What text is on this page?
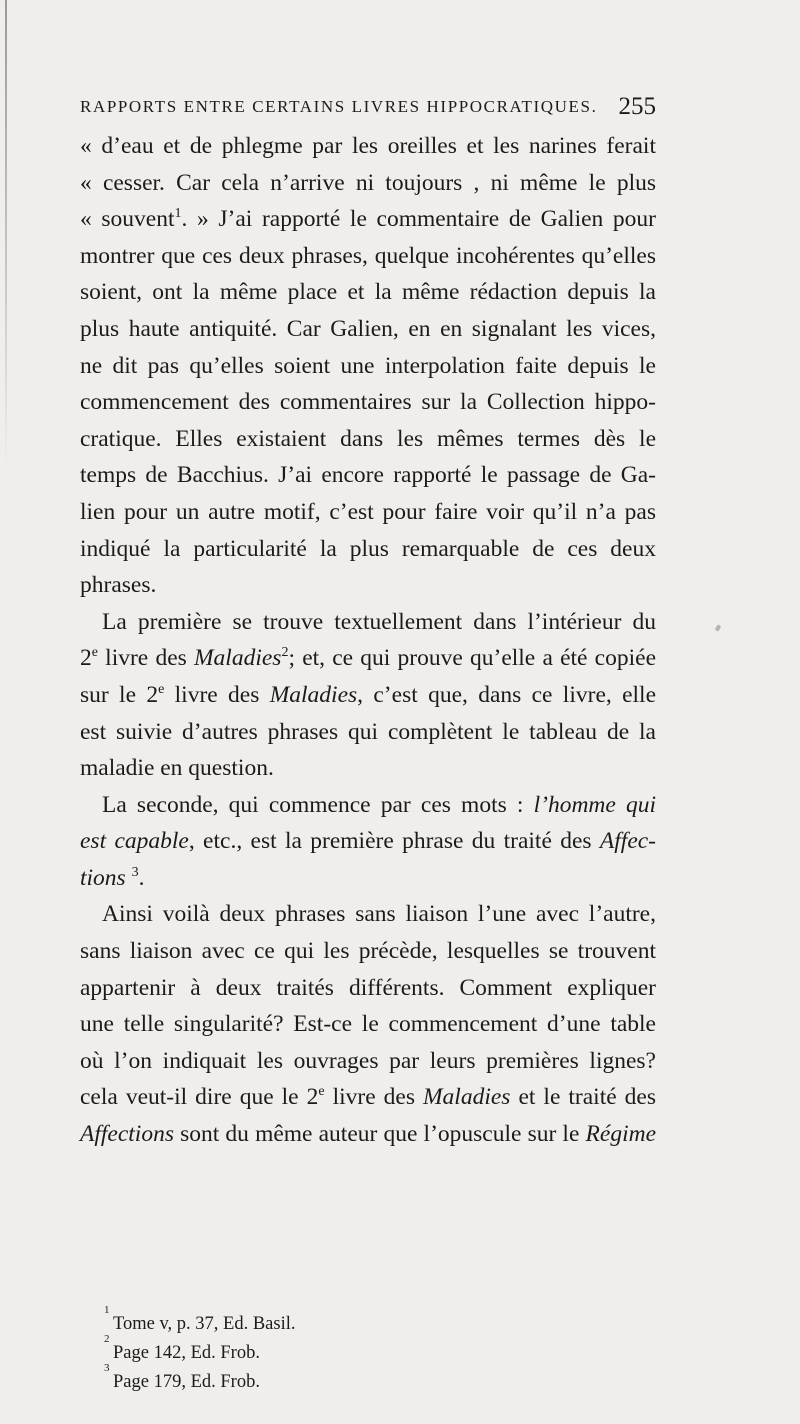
RAPPORTS ENTRE CERTAINS LIVRES HIPPOCRATIQUES. 255
« d’eau et de phlegme par les oreilles et les narines ferait
« cesser. Car cela n’arrive ni toujours , ni même le plus
« souvent$^1$. » J’ai rapporté le commentaire de Galien pour
montrer que ces deux phrases, quelque incohérentes qu’elles
soient, ont la même place et la même rédaction depuis la
plus haute antiquité. Car Galien, en en signalant les vices,
ne dit pas qu’elles soient une interpolation faite depuis le
commencement des commentaires sur la Collection hippo-
cratique. Elles existaient dans les mêmes termes dès le
temps de Bacchius. J’ai encore rapporté le passage de Ga-
lien pour un autre motif, c’est pour faire voir qu’il n’a pas
indiqué la particularité la plus remarquable de ces deux
phrases.
La première se trouve textuellement dans l’intérieur du
2e livre des Maladies$^2$; et, ce qui prouve qu’elle a été copiée
sur le 2e livre des Maladies, c’est que, dans ce livre, elle
est suivie d’autres phrases qui complètent le tableau de la
maladie en question.
La seconde, qui commence par ces mots : l’homme qui
est capable, etc., est la première phrase du traité des Affec-
tions $^3$.
Ainsi voilà deux phrases sans liaison l’une avec l’autre,
sans liaison avec ce qui les précède, lesquelles se trouvent
appartenir à deux traités différents. Comment expliquer
une telle singularité? Est-ce le commencement d’une table
où l’on indiquait les ouvrages par leurs premières lignes?
cela veut-il dire que le 2e livre des Maladies et le traité des
Affections sont du même auteur que l’opuscule sur le Régime
1
Tome v, p. 37, Ed. Basil.
2
Page 142, Ed. Frob.
3
Page 179, Ed. Frob.
